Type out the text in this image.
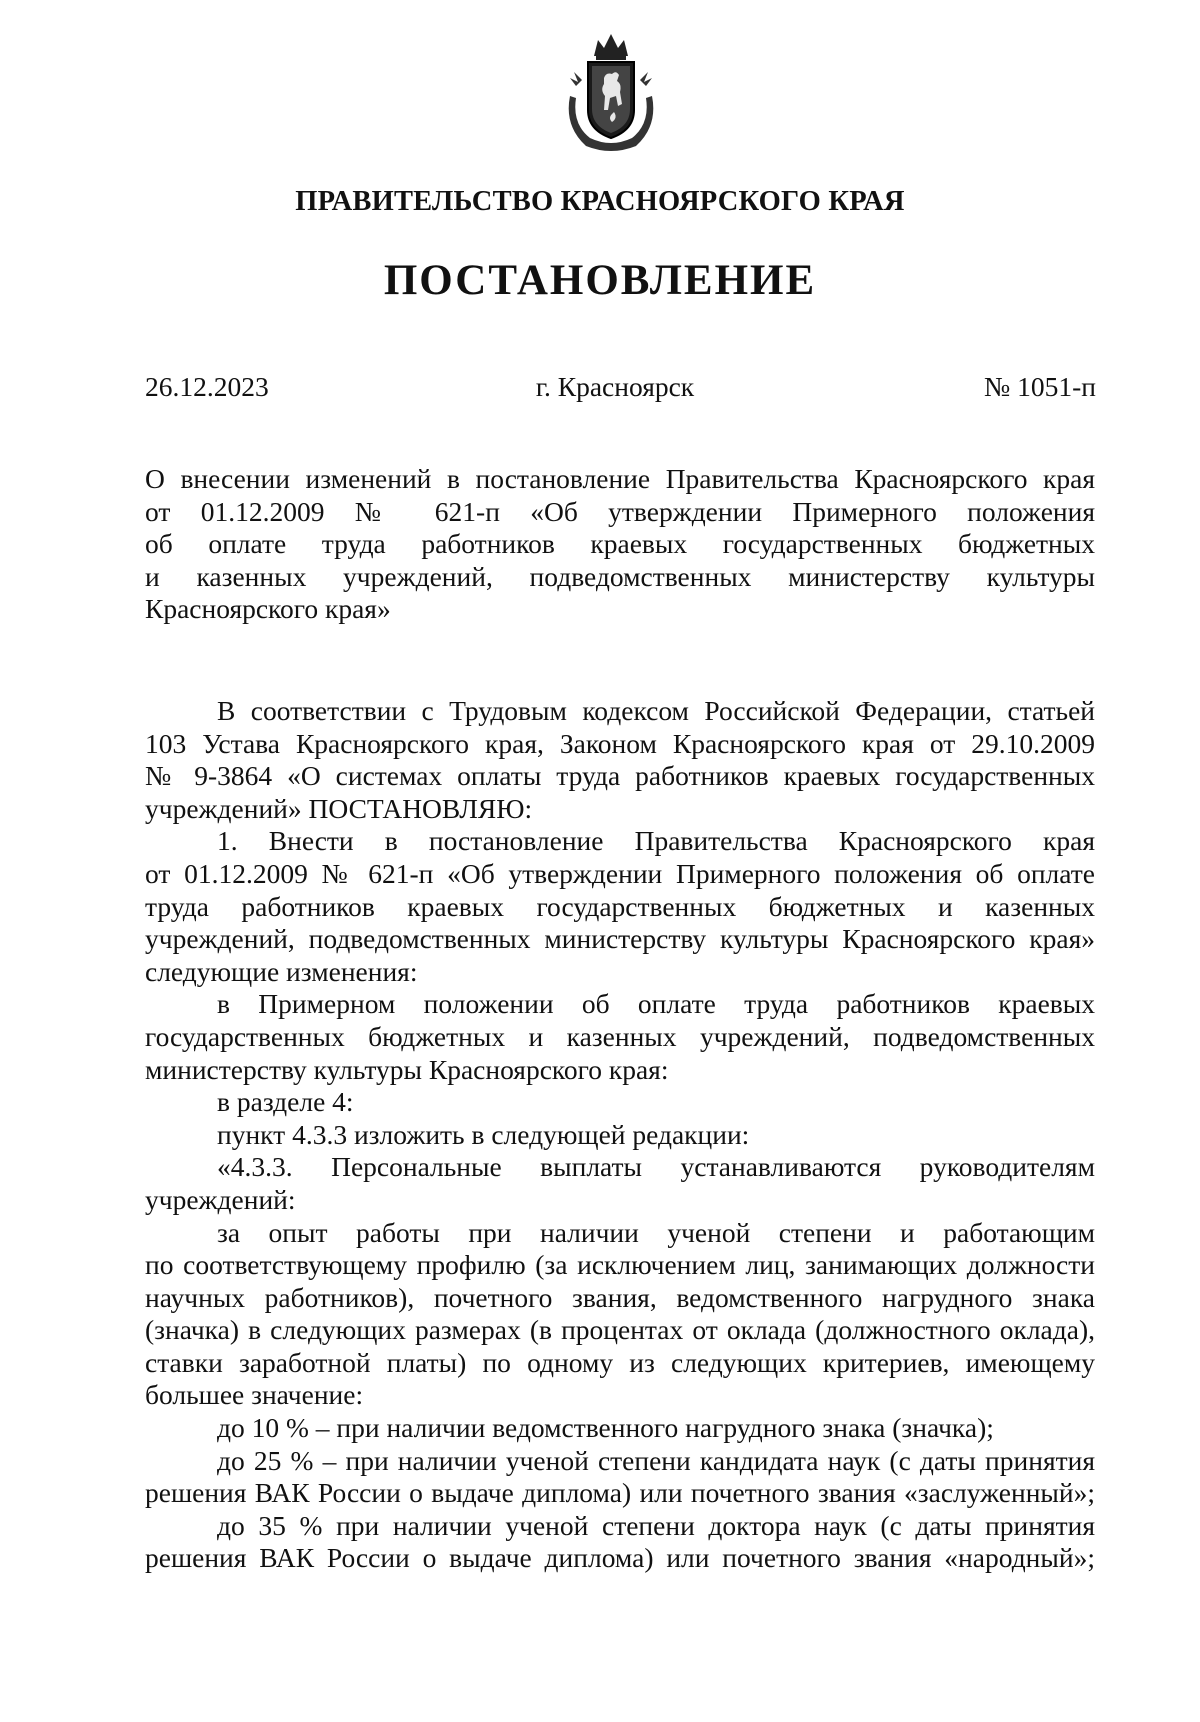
ПРАВИТЕЛЬСТВО КРАСНОЯРСКОГО КРАЯ
ПОСТАНОВЛЕНИЕ
26.12.2023	г. Красноярск	№ 1051-п
О внесении изменений в постановление Правительства Красноярского края
от 01.12.2009 № 621-п «Об утверждении Примерного положения
об оплате труда работников краевых государственных бюджетных
и казенных учреждений, подведомственных министерству культуры
Красноярского края»
В соответствии с Трудовым кодексом Российской Федерации, статьей
103 Устава Красноярского края, Законом Красноярского края от 29.10.2009
№ 9-3864 «О системах оплаты труда работников краевых государственных
учреждений» ПОСТАНОВЛЯЮ:
1. Внести в постановление Правительства Красноярского края
от 01.12.2009 № 621-п «Об утверждении Примерного положения об оплате
труда работников краевых государственных бюджетных и казенных
учреждений, подведомственных министерству культуры Красноярского края»
следующие изменения:
в Примерном положении об оплате труда работников краевых
государственных бюджетных и казенных учреждений, подведомственных
министерству культуры Красноярского края:
в разделе 4:
пункт 4.3.3 изложить в следующей редакции:
«4.3.3. Персональные выплаты устанавливаются руководителям
учреждений:
за опыт работы при наличии ученой степени и работающим
по соответствующему профилю (за исключением лиц, занимающих должности
научных работников), почетного звания, ведомственного нагрудного знака
(значка) в следующих размерах (в процентах от оклада (должностного оклада),
ставки заработной платы) по одному из следующих критериев, имеющему
большее значение:
до 10 % – при наличии ведомственного нагрудного знака (значка);
до 25 % – при наличии ученой степени кандидата наук (с даты принятия
решения ВАК России о выдаче диплома) или почетного звания «заслуженный»;
до 35 % при наличии ученой степени доктора наук (с даты принятия
решения ВАК России о выдаче диплома) или почетного звания «народный»;
